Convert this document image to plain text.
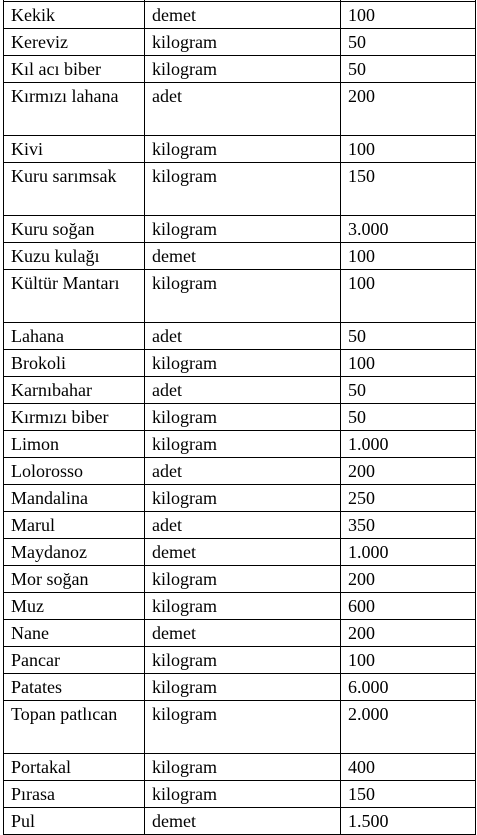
Kekik	demet	100
Kereviz	kilogram	50
Kıl acı biber	kilogram	50
Kırmızı lahana	adet	200
Kivi	kilogram	100
Kuru sarımsak	kilogram	150
Kuru soğan	kilogram	3.000
Kuzu kulağı	demet	100
Kültür Mantarı	kilogram	100
Lahana	adet	50
Brokoli	kilogram	100
Karnıbahar	adet	50
Kırmızı biber	kilogram	50
Limon	kilogram	1.000
Lolorosso	adet	200
Mandalina	kilogram	250
Marul	adet	350
Maydanoz	demet	1.000
Mor soğan	kilogram	200
Muz	kilogram	600
Nane	demet	200
Pancar	kilogram	100
Patates	kilogram	6.000
Topan patlıcan	kilogram	2.000
Portakal	kilogram	400
Pırasa	kilogram	150
Pul	demet	1.500
